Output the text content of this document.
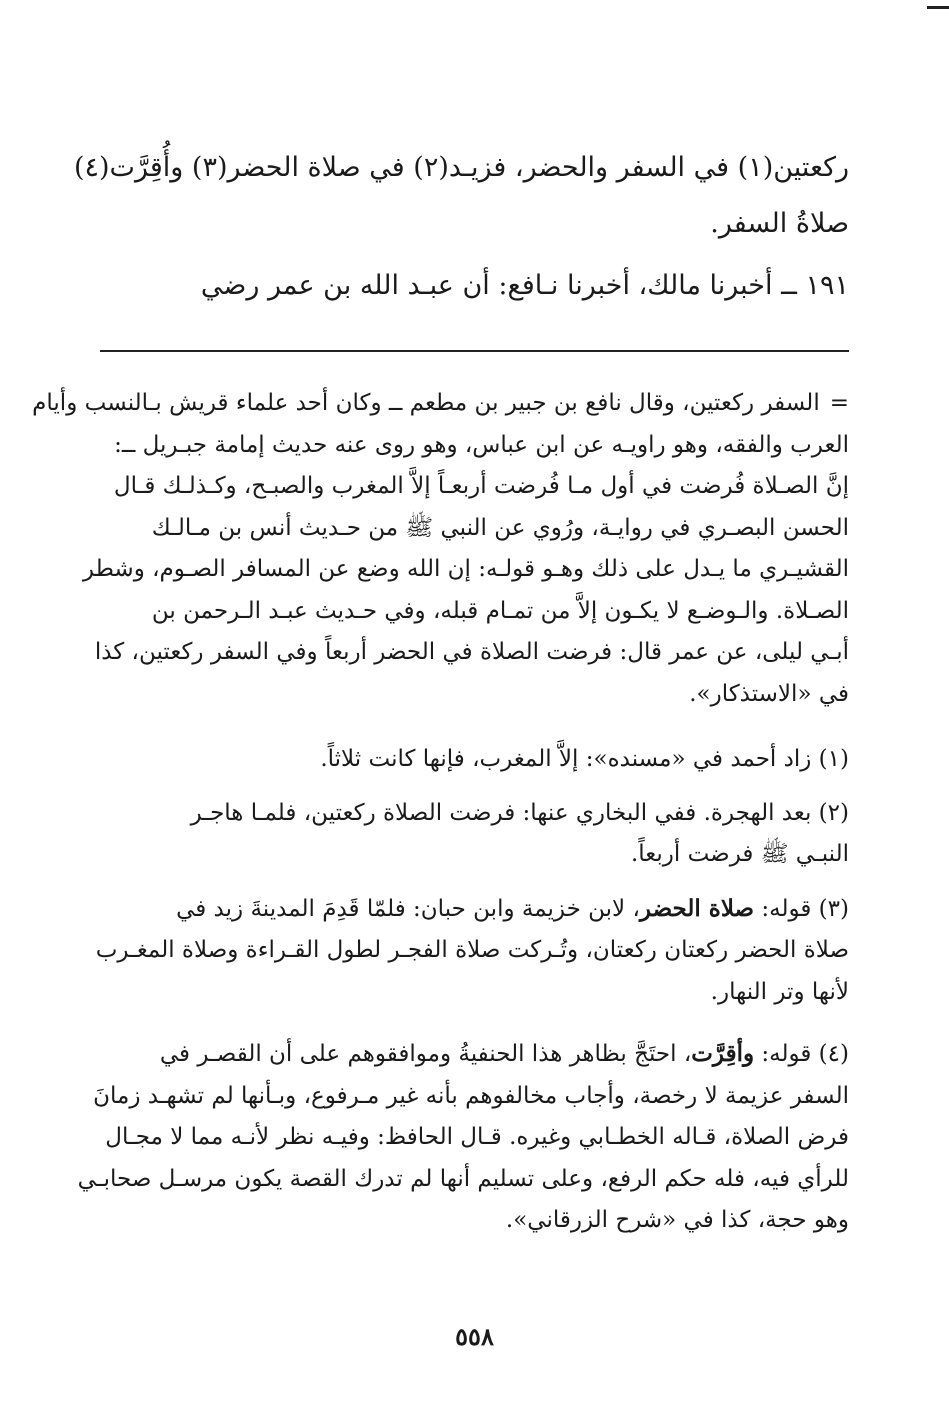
ركعتين(١) في السفر والحضر، فزيـد(٢) في صلاة الحضر(٣) وأُقِرَّت(٤)
صلاةُ السفر.
١٩١ ــ أخبرنا مالك، أخبرنا نـافع: أن عبـد الله بن عمر رضي
=السفر ركعتين، وقال نافع بن جبير بن مطعم ــ وكان أحد علماء قريش بـالنسب وأيام
العرب والفقه، وهو راويـه عن ابن عباس، وهو روى عنه حديث إمامة جبـريل ــ:
إنَّ الصـلاة فُرضت في أول مـا فُرضت أربعـاً إلاَّ المغرب والصبـح، وكـذلـك قـال
الحسن البصـري في روايـة، ورُوي عن النبي ﷺ من حـديث أنس بن مـالـك
القشيـري ما يـدل على ذلك وهـو قولـه: إن الله وضع عن المسافر الصـوم، وشطر
الصـلاة. والـوضـع لا يكـون إلاَّ من تمـام قبله، وفي حـديث عبـد الـرحمن بن
أبـي ليلى، عن عمر قال: فرضت الصلاة في الحضر أربعاً وفي السفر ركعتين، كذا
في «الاستذكار».
(١) زاد أحمد في «مسنده»: إلاَّ المغرب، فإنها كانت ثلاثاً.
(٢) بعد الهجرة. ففي البخاري عنها: فرضت الصلاة ركعتين، فلمـا هاجـر
النبـي ﷺ فرضت أربعاً.
(٣) قوله: صلاة الحضر، لابن خزيمة وابن حبان: فلمّا قَدِمَ المدينةَ زيد في
صلاة الحضر ركعتان ركعتان، وتُـركت صلاة الفجـر لطول القـراءة وصلاة المغـرب
لأنها وتر النهار.
(٤) قوله: وأقِرَّت، احتَجَّ بظاهر هذا الحنفيةُ وموافقوهم على أن القصـر في
السفر عزيمة لا رخصة، وأجاب مخالفوهم بأنه غير مـرفوع، وبـأنها لم تشهـد زمانَ
فرض الصلاة، قـاله الخطـابي وغيره. قـال الحافظ: وفيـه نظر لأنـه مما لا مجـال
للرأي فيه، فله حكم الرفع، وعلى تسليم أنها لم تدرك القصة يكون مرسـل صحابـي
وهو حجة، كذا في «شرح الزرقاني».
٥٥٨
